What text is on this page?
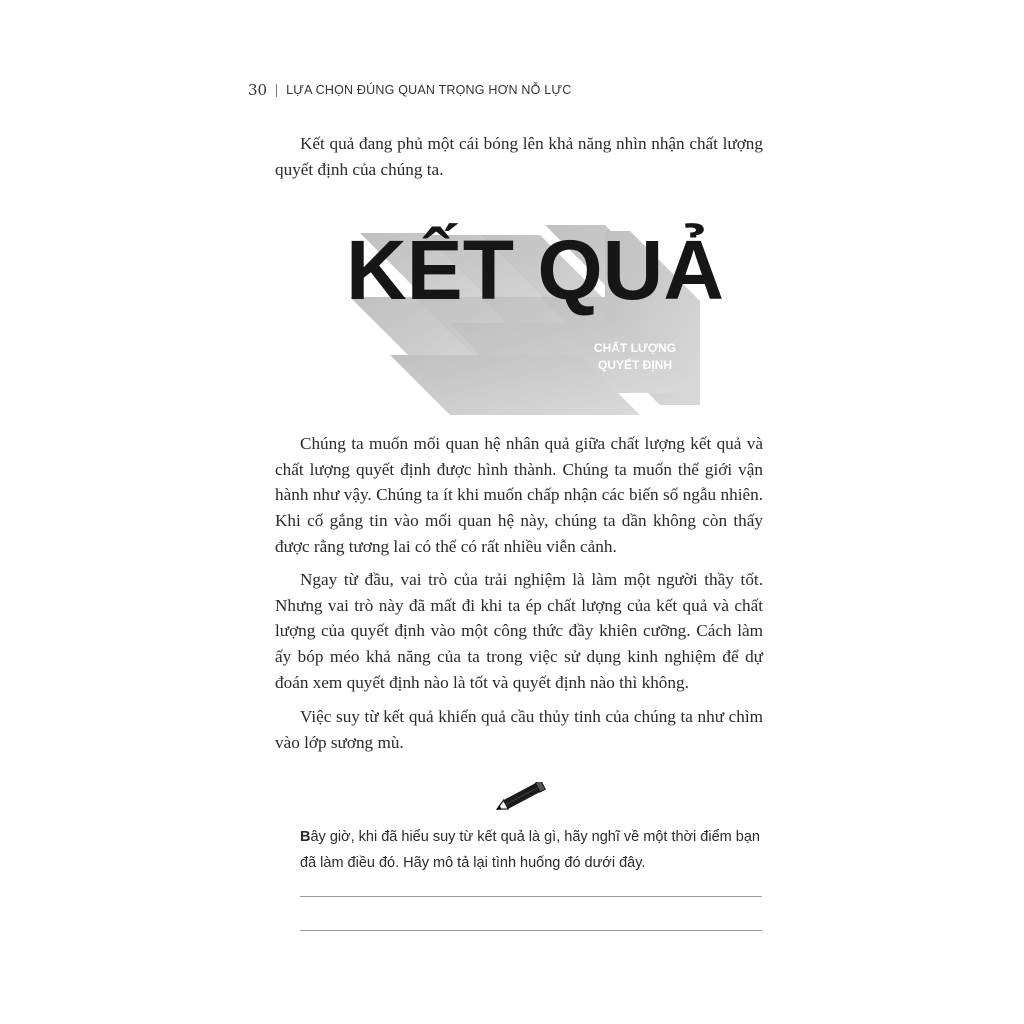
30 LỰA CHỌN ĐÚNG QUAN TRỌNG HƠN NỖ LỰC

Kết quả đang phủ một cái bóng lên khả năng nhìn nhận chất lượng quyết định của chúng ta.

KẾT QUẢ
CHẤT LƯỢNG
QUYẾT ĐỊNH

Chúng ta muốn mối quan hệ nhân quả giữa chất lượng kết quả và chất lượng quyết định được hình thành. Chúng ta muốn thế giới vận hành như vậy. Chúng ta ít khi muốn chấp nhận các biến số ngẫu nhiên. Khi cố gắng tin vào mối quan hệ này, chúng ta dần không còn thấy được rằng tương lai có thể có rất nhiều viễn cảnh.

Ngay từ đầu, vai trò của trải nghiệm là làm một người thầy tốt. Nhưng vai trò này đã mất đi khi ta ép chất lượng của kết quả và chất lượng của quyết định vào một công thức đầy khiên cưỡng. Cách làm ấy bóp méo khả năng của ta trong việc sử dụng kinh nghiệm để dự đoán xem quyết định nào là tốt và quyết định nào thì không.

Việc suy từ kết quả khiến quả cầu thủy tinh của chúng ta như chìm vào lớp sương mù.

Bây giờ, khi đã hiểu suy từ kết quả là gì, hãy nghĩ về một thời điểm bạn đã làm điều đó. Hãy mô tả lại tình huống đó dưới đây.
